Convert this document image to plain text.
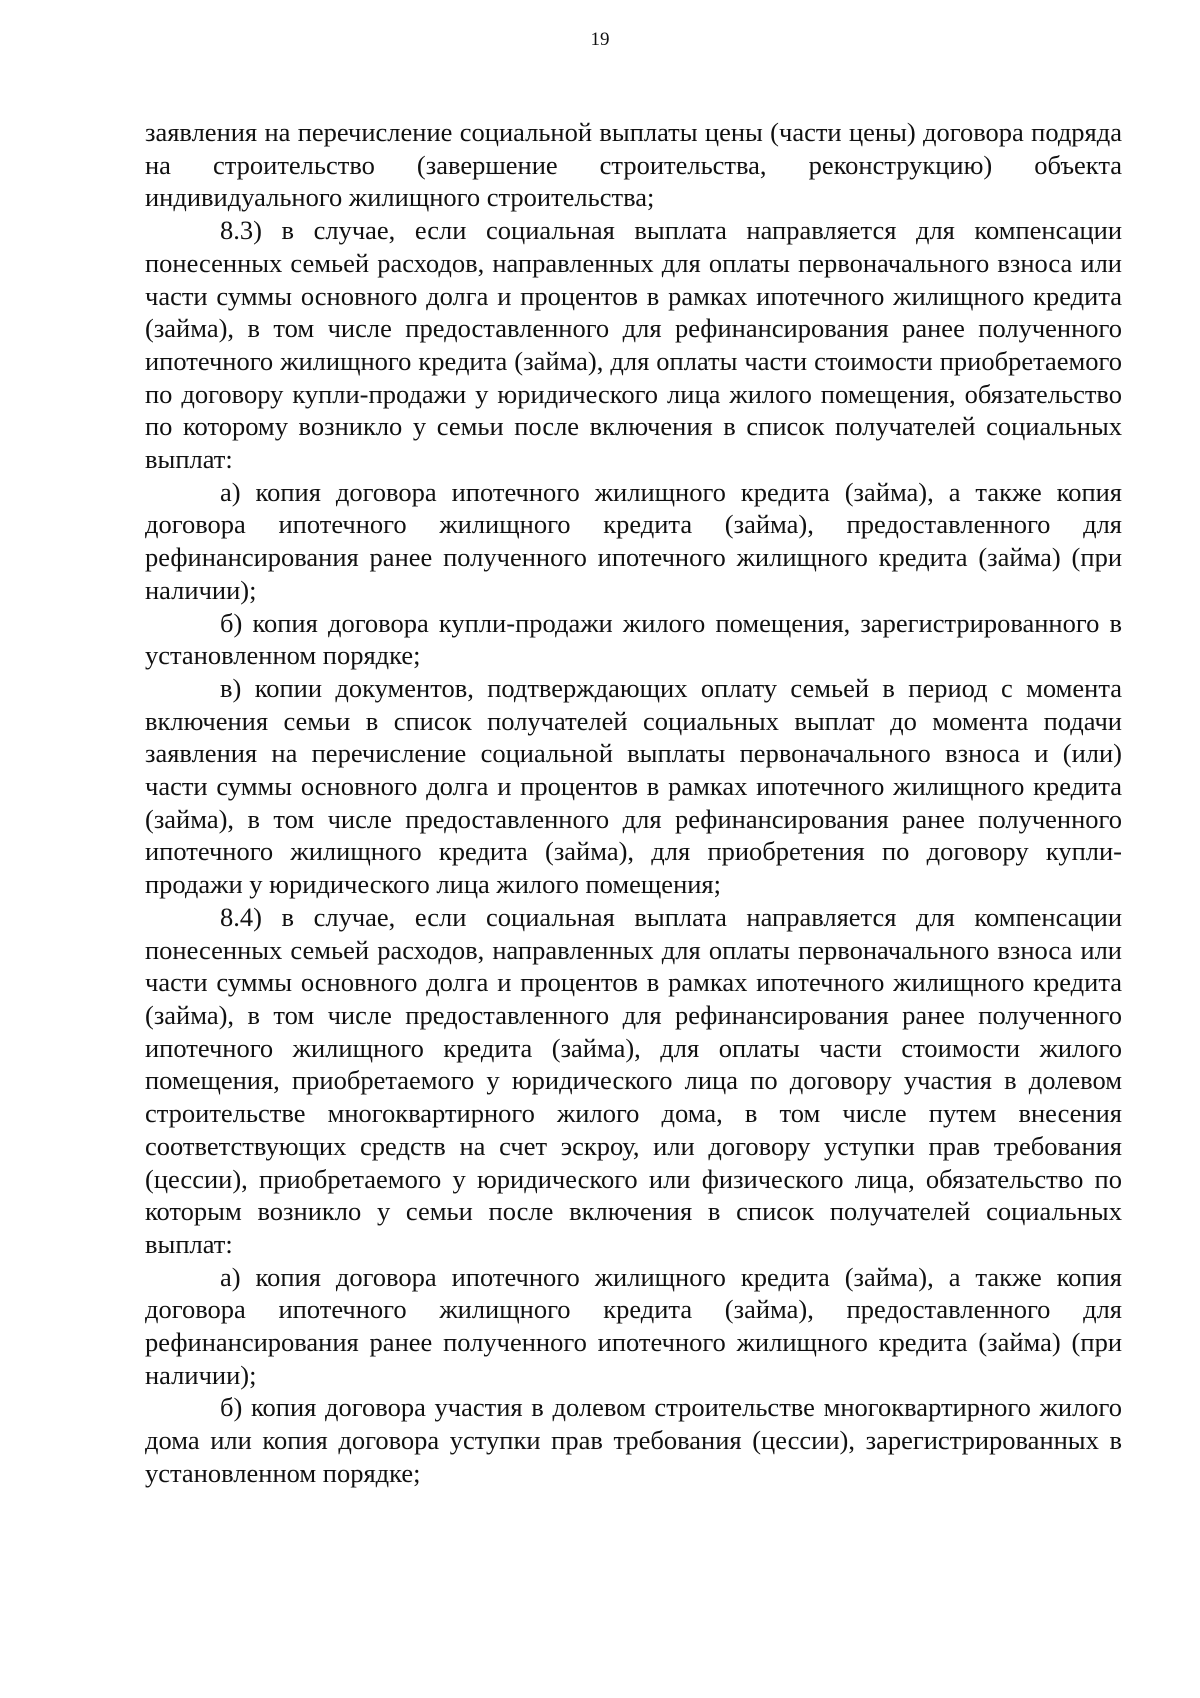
19

заявления на перечисление социальной выплаты цены (части цены) договора подряда на строительство (завершение строительства, реконструкцию) объекта индивидуального жилищного строительства;

8.3) в случае, если социальная выплата направляется для компенсации понесенных семьей расходов, направленных для оплаты первоначального взноса или части суммы основного долга и процентов в рамках ипотечного жилищного кредита (займа), в том числе предоставленного для рефинансирования ранее полученного ипотечного жилищного кредита (займа), для оплаты части стоимости приобретаемого по договору купли-продажи у юридического лица жилого помещения, обязательство по которому возникло у семьи после включения в список получателей социальных выплат:

а) копия договора ипотечного жилищного кредита (займа), а также копия договора ипотечного жилищного кредита (займа), предоставленного для рефинансирования ранее полученного ипотечного жилищного кредита (займа) (при наличии);

б) копия договора купли-продажи жилого помещения, зарегистрированного в установленном порядке;

в) копии документов, подтверждающих оплату семьей в период с момента включения семьи в список получателей социальных выплат до момента подачи заявления на перечисление социальной выплаты первоначального взноса и (или) части суммы основного долга и процентов в рамках ипотечного жилищного кредита (займа), в том числе предоставленного для рефинансирования ранее полученного ипотечного жилищного кредита (займа), для приобретения по договору купли-продажи у юридического лица жилого помещения;

8.4) в случае, если социальная выплата направляется для компенсации понесенных семьей расходов, направленных для оплаты первоначального взноса или части суммы основного долга и процентов в рамках ипотечного жилищного кредита (займа), в том числе предоставленного для рефинансирования ранее полученного ипотечного жилищного кредита (займа), для оплаты части стоимости жилого помещения, приобретаемого у юридического лица по договору участия в долевом строительстве многоквартирного жилого дома, в том числе путем внесения соответствующих средств на счет эскроу, или договору уступки прав требования (цессии), приобретаемого у юридического или физического лица, обязательство по которым возникло у семьи после включения в список получателей социальных выплат:

а) копия договора ипотечного жилищного кредита (займа), а также копия договора ипотечного жилищного кредита (займа), предоставленного для рефинансирования ранее полученного ипотечного жилищного кредита (займа) (при наличии);

б) копия договора участия в долевом строительстве многоквартирного жилого дома или копия договора уступки прав требования (цессии), зарегистрированных в установленном порядке;
